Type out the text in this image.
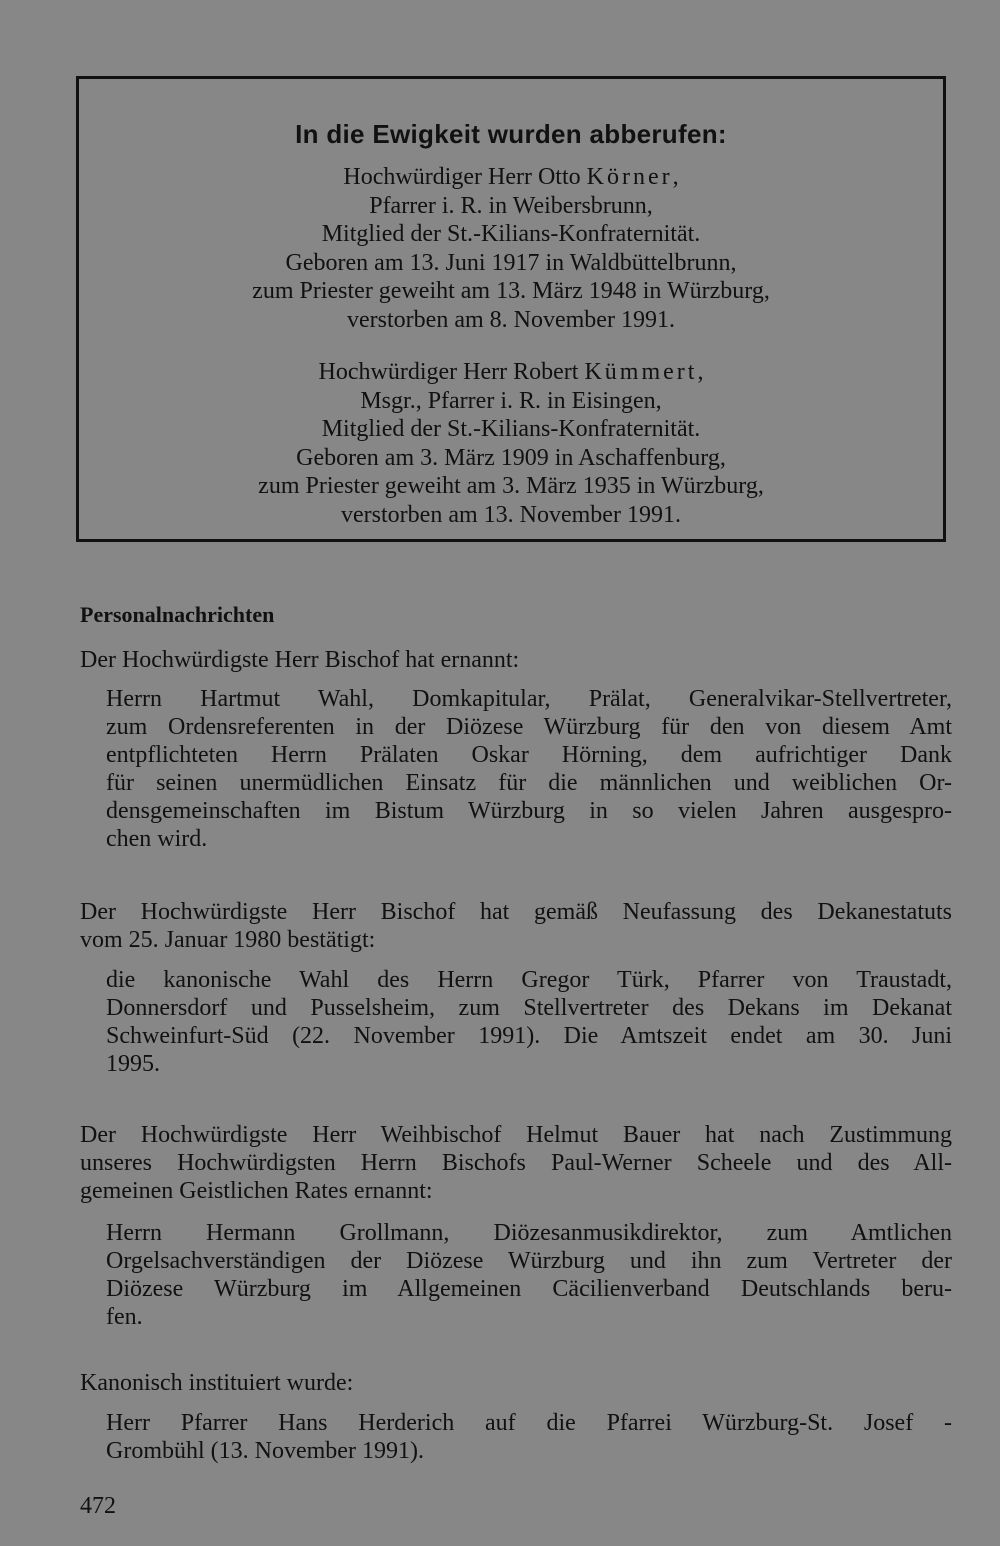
In die Ewigkeit wurden abberufen:
Hochwürdiger Herr Otto Körner,
Pfarrer i. R. in Weibersbrunn,
Mitglied der St.-Kilians-Konfraternität.
Geboren am 13. Juni 1917 in Waldbüttelbrunn,
zum Priester geweiht am 13. März 1948 in Würzburg,
verstorben am 8. November 1991.
Hochwürdiger Herr Robert Kümmert,
Msgr., Pfarrer i. R. in Eisingen,
Mitglied der St.-Kilians-Konfraternität.
Geboren am 3. März 1909 in Aschaffenburg,
zum Priester geweiht am 3. März 1935 in Würzburg,
verstorben am 13. November 1991.
Personalnachrichten
Der Hochwürdigste Herr Bischof hat ernannt:
Herrn Hartmut Wahl, Domkapitular, Prälat, Generalvikar-Stellvertreter,
zum Ordensreferenten in der Diözese Würzburg für den von diesem Amt
entpflichteten Herrn Prälaten Oskar Hörning, dem aufrichtiger Dank
für seinen unermüdlichen Einsatz für die männlichen und weiblichen Or-
densgemeinschaften im Bistum Würzburg in so vielen Jahren ausgespro-
chen wird.
Der Hochwürdigste Herr Bischof hat gemäß Neufassung des Dekanestatuts
vom 25. Januar 1980 bestätigt:
die kanonische Wahl des Herrn Gregor Türk, Pfarrer von Traustadt,
Donnersdorf und Pusselsheim, zum Stellvertreter des Dekans im Dekanat
Schweinfurt-Süd (22. November 1991). Die Amtszeit endet am 30. Juni
1995.
Der Hochwürdigste Herr Weihbischof Helmut Bauer hat nach Zustimmung
unseres Hochwürdigsten Herrn Bischofs Paul-Werner Scheele und des All-
gemeinen Geistlichen Rates ernannt:
Herrn Hermann Grollmann, Diözesanmusikdirektor, zum Amtlichen
Orgelsachverständigen der Diözese Würzburg und ihn zum Vertreter der
Diözese Würzburg im Allgemeinen Cäcilienverband Deutschlands beru-
fen.
Kanonisch instituiert wurde:
Herr Pfarrer Hans Herderich auf die Pfarrei Würzburg-St. Josef -
Grombühl (13. November 1991).
472
